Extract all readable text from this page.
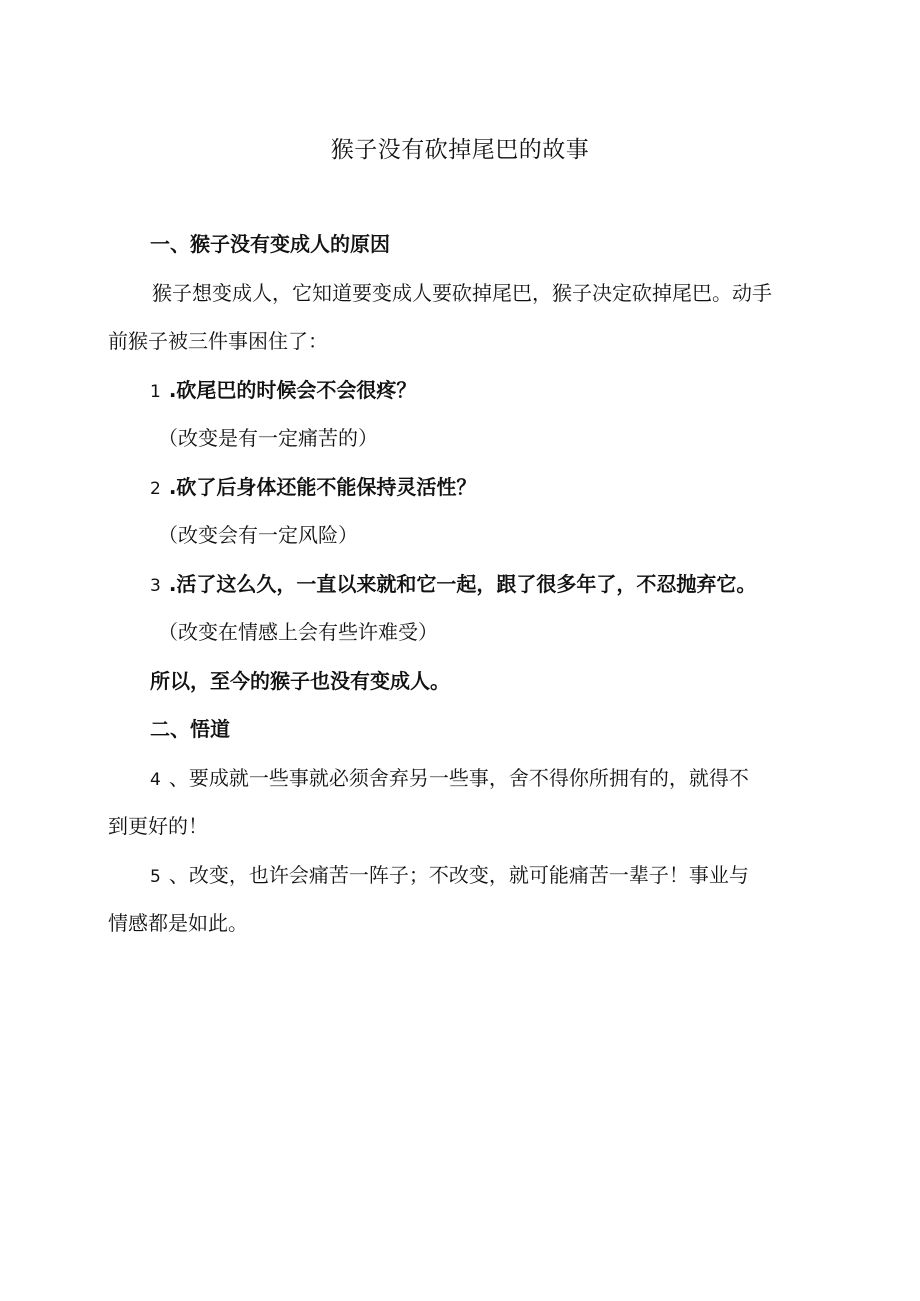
猴子没有砍掉尾巴的故事
一、猴子没有变成人的原因
猴子想变成人，它知道要变成人要砍掉尾巴，猴子决定砍掉尾巴。动手
前猴子被三件事困住了：
1 .砍尾巴的时候会不会很疼？
（改变是有一定痛苦的）
2 .砍了后身体还能不能保持灵活性？
（改变会有一定风险）
3 .活了这么久，一直以来就和它一起，跟了很多年了，不忍抛弃它。
（改变在情感上会有些许难受）
所以，至今的猴子也没有变成人。
二、悟道
4 、要成就一些事就必须舍弃另一些事，舍不得你所拥有的，就得不
到更好的！
5 、改变，也许会痛苦一阵子；不改变，就可能痛苦一辈子！事业与
情感都是如此。
